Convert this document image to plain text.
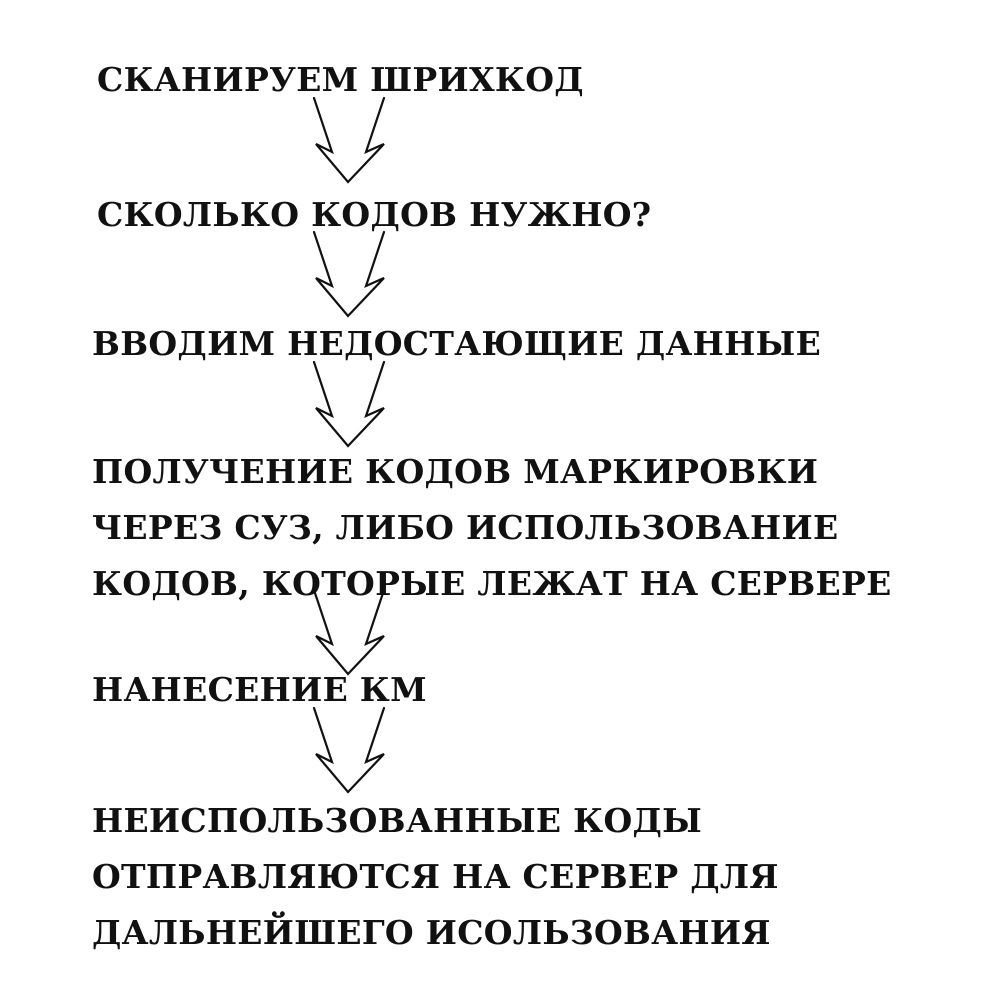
СКАНИРУЕМ ШРИХКОД
СКОЛЬКО КОДОВ НУЖНО?
ВВОДИМ НЕДОСТАЮЩИЕ ДАННЫЕ
ПОЛУЧЕНИЕ КОДОВ МАРКИРОВКИ
ЧЕРЕЗ СУЗ, ЛИБО ИСПОЛЬЗОВАНИЕ
КОДОВ, КОТОРЫЕ ЛЕЖАТ НА СЕРВЕРЕ
НАНЕСЕНИЕ КМ
НЕИСПОЛЬЗОВАННЫЕ КОДЫ
ОТПРАВЛЯЮТСЯ НА СЕРВЕР ДЛЯ
ДАЛЬНЕЙШЕГО ИСОЛЬЗОВАНИЯ
